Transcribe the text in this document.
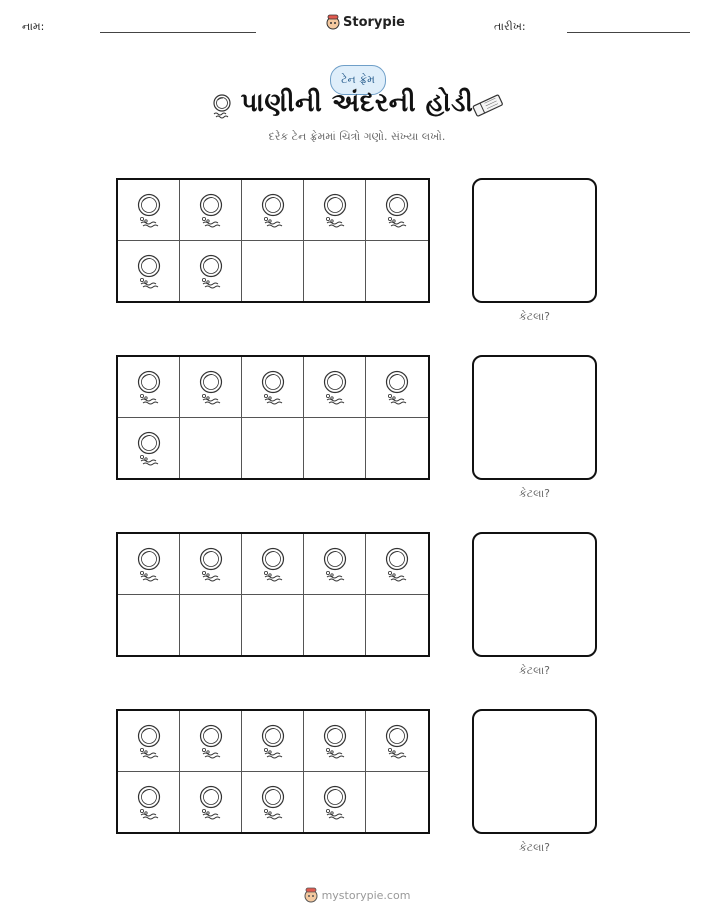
નામ:	Storypie	તારીખ:
ટેન ફ્રેમ
પાણીની અંદરની હોડી
દરેક ટેન ફ્રેમમાં ચિત્રો ગણો. સંખ્યા લખો.
કેટલા?
કેટલા?
કેટલા?
કેટલા?
mystorypie.com
